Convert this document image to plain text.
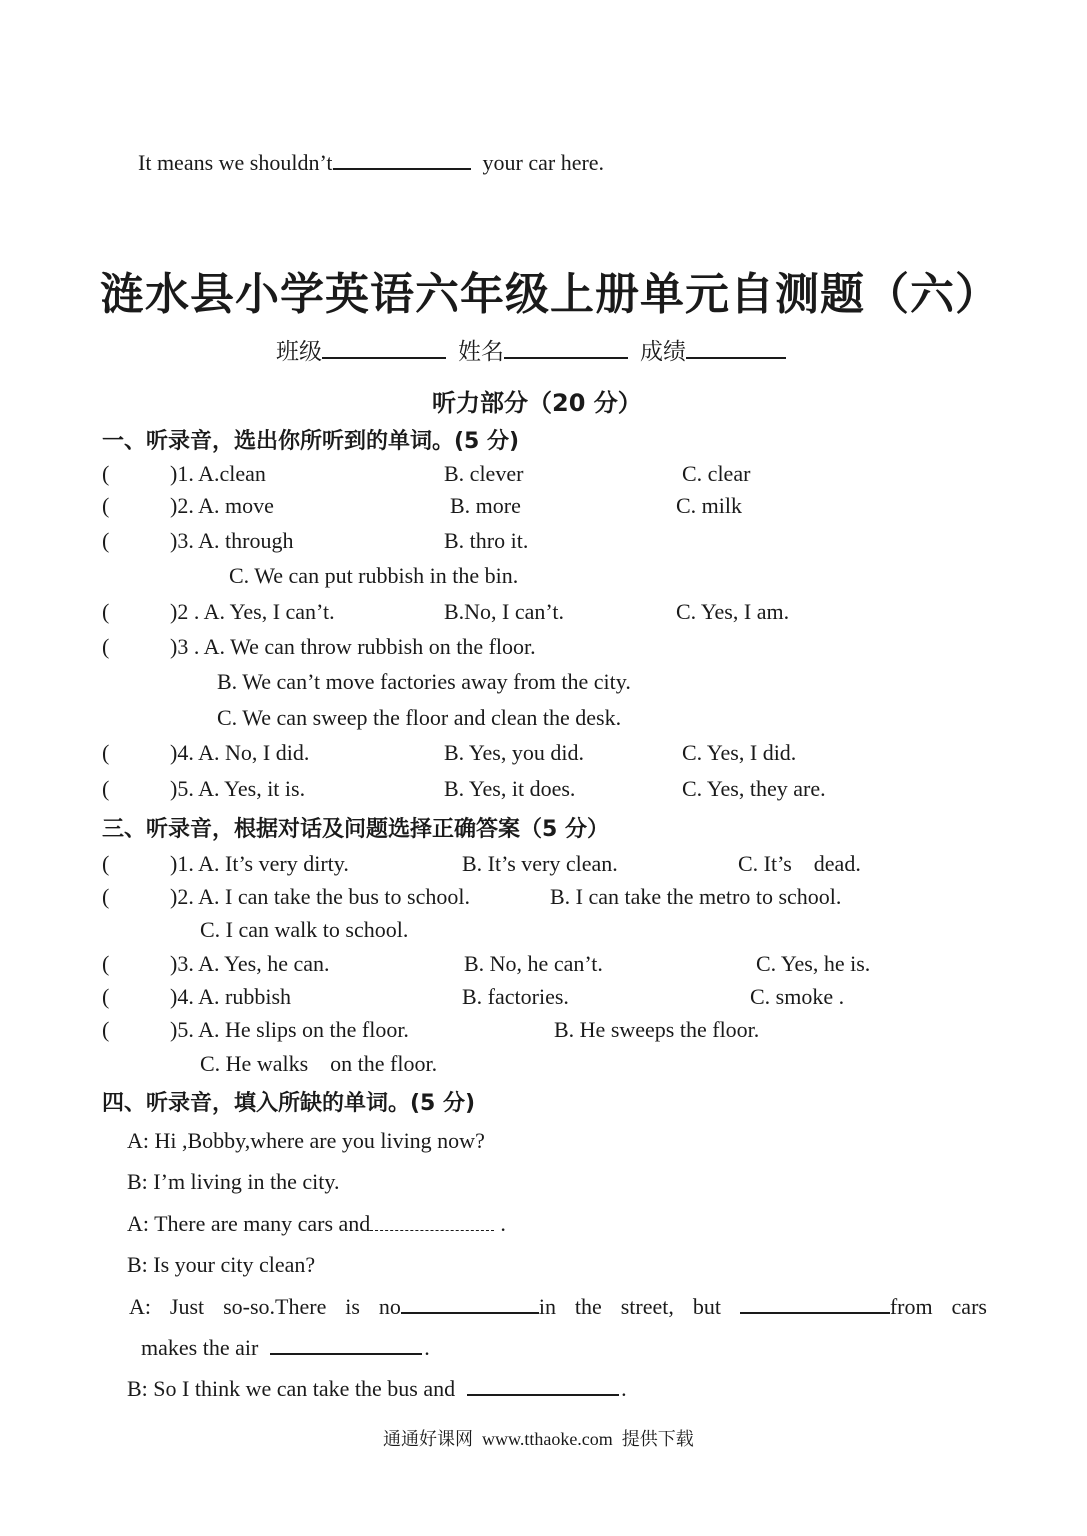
It means we shouldn’t	your car here.
涟水县小学英语六年级上册单元自测题（六）
班级	姓名	成绩
听力部分（20 分）
一、听录音，选出你所听到的单词。(5 分)
(	)1. A.clean	B. clever	C. clear
(	)2. A. move	B. more	C. milk
(	)3. A. through	B. thro it.
C. We can put rubbish in the bin.
(	)2 . A. Yes, I can’t.	B.No, I can’t.	C. Yes, I am.
(	)3 . A. We can throw rubbish on the floor.
B. We can’t move factories away from the city.
C. We can sweep the floor and clean the desk.
(	)4. A. No, I did.	B. Yes, you did.	C. Yes, I did.
(	)5. A. Yes, it is.	B. Yes, it does.	C. Yes, they are.
三、听录音，根据对话及问题选择正确答案（5 分）
(	)1. A. It’s very dirty.	B. It’s very clean.	C. It’s    dead.
(	)2. A. I can take the bus to school.	B. I can take the metro to school.
C. I can walk to school.
(	)3. A. Yes, he can.	B. No, he can’t.	C. Yes, he is.
(	)4. A. rubbish	B. factories.	C. smoke .
(	)5. A. He slips on the floor.	B. He sweeps the floor.
C. He walks    on the floor.
四、听录音，填入所缺的单词。(5 分)
A: Hi ,Bobby,where are you living now?
B: I’m living in the city.
A: There are many cars and	.
B: Is your city clean?
A: Just so-so.There is no	in the street, but	from cars
makes the air	.
B: So I think we can take the bus and	.
通通好课网  www.tthaoke.com  提供下载
